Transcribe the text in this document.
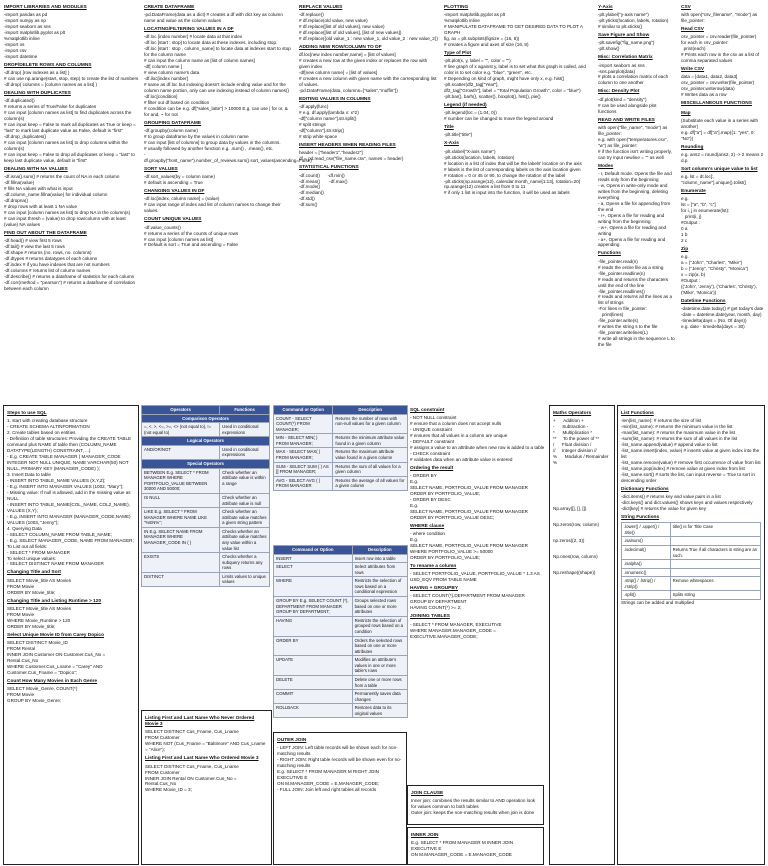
IMPORT LIBRARIES AND MODULES
-import pandas as pd
-import numpy as np
-import seaborn as sns
-import matplotlib.pyplot as plt
%matplotlib inline
-import os
-import csv
-import datetime
DROP/DELETE ROWS AND COLUMNS
-df.drop( [row indexes as a list] )
# can use np.arange(start, stop, step) to create the list of numbers
-df.drop( columns = [column names as a list] )
DEALING WITH DUPLICATES
-df.duplicated()
# returns a series of True/False for duplicates
# can input [column names as list] to find duplicates across the column(s)
# can input keep = False to mark all duplicates as True or keep = "last" to mark last duplicate value as False, default is "first"
-df.drop_duplicates()
# can input [column names as list] to drop columns within the column(s)
# can input keep = False to drop all duplicates or keep = "last" to keep last duplicate value, default is "first"
DEALING WITH NA VALUES
-df.isna().sum() # returns the count of NA in each column
-df.fillna(value)
# fills NA values with what is input
-df.column_name.fillna(value) for individual column
-df.dropna()
# drop rows with at least 1 NA value
# can input [column names as list] to drop NA in the column(s)
# can input thresh = (value) to drop row/column with at least (value) NA values
FIND OUT ABOUT THE DATAFRAME
-df.head() # view first 5 rows
-df.tail() # view the last 5 rows
-df.shape # returns (no. rows, no. columns)
-df.dtypes # returns datatypes of each column
-df.index # if you have indexes that are not numbers
-df.columns # returns list of column names
-df.describe() # returns a dataframe of statistics for each column
-df.corr(method = "pearson") # returns a dataframe of correlation between each column
CREATE DATAFRAME
-pd.DataFrame(data as a dict) # creates a df with dict key as column name and value as the column values
LOCATING/FILTERING VALUES IN A DF
-df.loc [index number] # locate data at that index
-df.loc [start : stop] to locate data at these indexes, including stop.
-df.loc [start : stop , column_name] to locate data at indexes start to stop for the column name
# can input the column name as [list of column names]
-df[ column name ]
# view column name's data
-df.iloc[index number]
# same as df.loc but indexing doesn't include ending value and for the column name portion, only can use indexing instead of column names()
-df.loc[condition]
# filter out df based on condition
# condition can be e.g. df["sales_latte"] > 10000 E.g. can use | for or, & for and, ~ for not
GROUPING DATAFRAME
-df.groupby(column name)
# to group dataframe by the values in column name
# can input [list of columns] to group data by values in the columns.
# usually followed by another function e.g. .sum() , .mean(), etc.
-df.groupby("host_name").number_of_reviews.sum().sort_values(ascending=False)
SORT VALUES
-df.sort_values(by = column name)
# default is ascending = True
CHANGING VALUES IN DF
-df.loc[index, column name] = (value)
# can input range of index and list of column names to change their values.
COUNT UNIQUE VALUES
-df.value_counts()
# returns a series of the counts of unique rows
# can input [column names as list]
# Default is sort = True and ascending = False
REPLACE VALUES
-df.replace()
# df.replace(old value, new value)
# df.replace([list of old values], new value)
# df.replace([list of old values], [list of new values])
# df.replace({old value_1 : new value_1, old value_2 : new value_2})
ADDING NEW ROW/COLUMN TO DF
df.loc[new index number,name] = [list of values]
# creates a new row at the given index or replaces the row with given index
-df[new column name] = [list of values]
# creates a new column with given name with the corresponding list of values.
-pd.DataFrame(data, columns=["sales","muffin"])
EDITING VALUES IN COLUMNS
-df.apply(func)
# e.g. df.apply(lambda x: x*2)
-df["column name"].str.split()
# split strings
-df["column"].str.strip()
# strip white space
INSERT HEADERS WHEN READING FILES
header = ["header1","header2"]
df = pd.read_csv("file_name.csv", names = header)
STATISTICAL FUNCTIONS
-df.count()      -df.min()
-df.mean()       -df.max()
-df.mode()
-df.median()
-df.std()
-df.sum()
PLOTTING
-import matplotlib.pyplot as plt
%matplotlib inline
# MANIPULATE DATAFRAME TO GET DESIRED DATA TO PLOT A GRAPH
fig, ax = plt.subplots(figsize = (16, 8))
# creates a figure and axes of size (16, 8)
Type of Plot
-plt.plot(x, y, label = "", color = "")
# line graph of x against y, label is to set what this graph is called, and color is to set color e.g. "blue", "green", etc.
# Depending on kind of graph, might have only x, e.g. hist()
-plt.scatter(df2_tag["Year"],
df2_tag["Growth"], label = "Total Population Growth", color = "blue")
-plt.bar(), barh(), scatter(), boxplot(), hist(), pie()
Legend (if needed)
-plt.legend(loc = (1.04, 0))
# number can be changed to move the legend around
Title
-plt.title("title")
X-Axis
-plt.xlabel("X-axis name")
-plt.xticks(location, labels, rotation)
# location is a list of index that will be the labels' location on the axis
# labels is the list of corresponding labels on the axis location given
# rotation = 0 or 45 or 90, to change the rotation of the label
-plt.xticks(np.arange(12), calendar.month_name[1:13], rotation=20)
np.arange(12) creates a list from 0 to 11
# if only 1 list is input into the function, it will be used as labels
Y-Axis
-plt.ylabel("y-axis name")
-plt.yticks(location, labels, rotation)
# similar to plt.xticks()
Save Figure and Show
-plt.savefig("fig_name.png")
-plt.show()
Misc: Correlation Matrix
-import seaborn as sns
-sns.pairplot(data)
# plots a correlation matrix of each column to one another
Misc: Density Plot
-df.plot(kind = "density")
# can be used alongside plot functions
READ AND WRITE FILES
with open("file_name", "mode") as file_pointer:
e.g. with open("temperatures.csv", "w") as file_pointer:
# if the function isn't writing properly, can try input newline = "" as well
Modes
- r, Default mode. Opens the file and reads only from the beginning
- w, Opens in write-only mode and writes from the beginning, deleting everything
- a, Opens a file for appending from the end
- r+, Opens a file for reading and writing from the beginning
- w+, Opens a file for reading and writing
- a+, Opens a file for reading and appending
Functions
-file_pointer.read(n)
# reads the entire file as a string
-file_pointer.readline(n)
# reads and returns the characters until the end of the line
-file_pointer.readlines()
# reads and returns all the lines as a list of strings
-For lines in file_pointer:
print(lines)
-file_pointer.write(s)
# writes the string s to the file
-file_pointer.writelines(L)
# write all strings in the sequence L to the file
CSV
with open("csv_filename", "mode") as file_pointer:
Read CSV
csv_pointer = csv.reader(file_pointer)
for each in csv_pointer:
print(each)
# Prints each row in the csv as a list of comma separated values
Write CSV
data = [data1, data2, data3]
csv_pointer = csv.writer(file_pointer)
csv_pointer.writerow(data)
# Writes data as a row
MISCELLANEOUS FUNCTIONS
Map
(Substitute each value in a series with another)
e.g. df["a"] = df["a"].map({1: "yes", 0: "No"})
Rounding
e.g. ans2 = round(ans2, 2) -> 2 means 2 d.p
Sort column's unique value to list
e.g. lst = dt.loc[:, "column_name"].unique().tolist()
Enumerate
e.g.
lst = ["a", "b", "c"]
for i, j in enumerate(lst):
print(i, j)
#Output :
0 a
1 b
2 c
Zip
e.g.
a = ("John", "Charles", "Mike")
b = ("Jenny", "Christy", "Monica")
x = zip(a, b)
#Output :
(('John', 'Jenny'), ('Charles', 'Christy'), ('Mike', 'Monica'))
Datetime Functions
-datetime.date.today() # get today's date
-date = datetime.date(year, month, day)
-timedelta(days = (No. Of days))
e.g. date - timedelta(days = 30)
Steps to use SQL
1. start with creating database structure
- CREATE SCHEMA ALTINFORMATION
2. Create tables based on entities
- Definition of table structures: Providing the CREATE TABLE command plus NAME of table then (COLUMN_NAME DATATYPE(LENGTH) CONSTRAINT, ...)
- E.g. CREATE TABLE MANAGER ( MANAGER_CODE INTEGER NOT NULL UNIQUE, NAME VARCHAR(50) NOT NULL, PRIMARY KEY (MANAGER_CODE) );
3. Insert Data to table
- INSERT INTO TABLE_NAME VALUES (X,Y,Z);
- E.g. INSERT INTO MANAGER VALUES (1002, "Mary");
- Missing value: If null is allowed, add in the missing value as NULL
- INSERT INTO TABLE_NAME(COL_NAME, COL2_NAME), VALUES (X,Y);
- E.g. INSERT INTO MANAGER (MANAGER_CODE,NAME) VALUES (1003, "Jenny");
4. Querying Data
- SELECT COLUMN_NAME FROM TABLE_NAME;
- E.g. SELECT MANAGER_CODE, NAME FROM MANAGER;
To List out all fields:
- SELECT * FROM MANAGER
To select unique values:
- SELECT DISTINCT NAME FROM MANAGER
Changing Title and Sort
SELECT Movie_title AS Movies
FROM Movie
ORDER BY Movie_title;
Changing Title and Listing Runtime > 120
SELECT Movie_title AS Movies
FROM Movie
WHERE Movie_Runtime > 120
ORDER BY Movie_title;
Select Unique Movie ID from Carey Dopico
SELECT DISTINCT Movie_ID
FROM Rental
INNER JOIN Customer ON Customer.Cus_No = Rental.Cus_No
WHERE Customer.Cus_Lname = "Carey" AND Customer.Cus_Fname = "Dopico";
Count How Many Movies in Each Genre
SELECT Movie_Genre, COUNT(*)
FROM Movie
GROUP BY Movie_Genre;
Operators	Functions
Comparison Operators	
=, <, >, <=, >=, <> (not equal to), != (not equal to)	Used in conditional expressions
Logical Operators	
AND/OR/NOT	Used in conditional expressions
Special Operators	
BETWEEN E.g. SELECT * FROM MANAGER WHERE PORTFOLIO_VALUE BETWEEN 30000 AND 50000;	Check whether an attribute value is within a range
IS NULL	Check whether an attribute value is null
LIKE E.g. SELECT * FROM MANAGER WHERE NAME LIKE "%EN%";	Check whether an attribute value matches a given string pattern
IN E.g. SELECT NAME FROM MANAGER WHERE MANAGER_CODE IN ( )	Checks whether an attribute value matches any value within a value list
EXISTS	Checks whether a subquery returns any rows
DISTINCT	Limits values to unique values
Listing First and Last Name Who Never Ordered Movie 3
SELECT DISTINCT Cus_Fname, Cus_Lname
FROM Customer
WHERE NOT (Cus_Fname = "Baltimore" AND Cus_Lname = "Alice");
Listing First and Last Name Who Ordered Movie 3
SELECT DISTINCT Cus_Fname, Cus_Lname
FROM Customer
INNER JOIN Rental ON Customer.Cus_No = Rental.Cus_No
WHERE Movie_ID = 3;
Command or Option	Description
COUNT - SELECT COUNT(*) FROM MANAGER;	Returns the number of rows with non-null values for a given column
MIN - SELECT MIN( ) FROM MANAGER;	Returns the minimum attribute value found in a given column
MAX - SELECT MAX( ) FROM MANAGER;	Returns the maximum attribute value found in a given column
SUM - SELECT SUM ( ) AS [] FROM MANAGER;	Returns the sum of all values for a given column
AVG - SELECT AVG ( ) FROM MANAGER	Returns the average of all values for a given column
Command or Option	Description
INSERT	Insert row into a table
SELECT	Select attributes from rows
WHERE	Restricts the selection of rows based on a conditional expression
GROUP BY E.g. SELECT COUNT (*), DEPARTMENT FROM MANAGER GROUP BY DEPARTMENT;	Groups selected rows based on one or more attributes
HAVING	Restricts the selection of grouped rows based on a condition
ORDER BY	Orders the selected rows based on one or more attributes
UPDATE	Modifies an attribute's values in one or more table's rows
DELETE	Delete one or more rows from a table
COMMIT	Permanently saves data changes
ROLLBACK	Restores data to its original values
OUTER JOIN
- LEFT JOIN: Left table records will be shown each for non-matching results
- RIGHT JOIN: Right table records will be shown even for no-matching results
E.g. SELECT * FROM MANAGER M RIGHT JOIN EXECUTIVE E
ON M.MANAGER_CODE = E.MANAGER_CODE;
- FULL JOIN: Join left and right tables all records
SQL constraint
- NOT NULL constraint
# ensure that a column does not accept nulls
- UNIQUE constraint
# ensures that all values in a column are unique
- DEFAULT constraint
# assigns a value to an attribute when new row is added to a table
- CHECK constraint
# validates data when an attribute value is entered
Ordering the result
- ORDER BY
E.g.
SELECT NAME, PORTFOLIO_VALUE FROM MANAGER
ORDER BY PORTFOLIO_VALUE;
- ORDER BY DESC
E.g.
SELECT NAME, PORTFOLIO_VALUE FROM MANAGER
ORDER BY PORTFOLIO_VALUE DESC;
WHERE clause
- where condition
E.g.
SELECT NAME, PORTFOLIO_VALUE FROM MANAGER
WHERE PORTFOLIO_VALUE >= 50000
ORDER BY PORTFOLIO_VALUE;
To rename a column
- SELECT PORTFOLIO_VALUE, PORTFOLIO_VALUE * 1.3 AS USD_EQV FROM TABLE NAME
HAVING + GROUPBY
- SELECT COUNT(*),DEPARTMENT FROM MANAGER
GROUP BY DEPARTMENT
HAVING COUNT(*) >= 2;
JOINING TABLES
- SELECT * FROM MANAGER, EXECUTIVE
WHERE MANAGER.MANAGER_CODE = EXECUTIVE.MANAGER_CODE;
JOIN CLAUSE
Inner join: combines the results similar to AND operation look for values common to both tables
Outer join: keeps the non-matching results when join is done
INNER JOIN
E.g. SELECT * FROM MANAGER M INNER JOIN EXECUTIVE E
ON M.MANAGER_CODE = E.MANAGER_CODE
Maths Operators
+      Addition +
-      Subtraction -
*      Multiplication *
**     To the power of **
/      Float division /
//     Integer division //
%      Modulus / Remainder %
Np.array([], [], [])
Np.zeros(row, column)
np.zeros((2, 3))
Np.ones(row, column)
Np.reshape((shape))
List Functions
-len(list_name): # returns the size of list
-min(list_name): # returns the minimum value in the list
-max(list_name): # returns the maximum value in the list
-sum(list_name): # returns the sum of all values in the list
-list_name.append(value) # append value to list
-list_name.insert(index, value) # inserts value at given index into the list
-list_name.remove(value) # remove first occurrence of value from list
-list_name.pop(index) # remove value at given index from list
-list_name.sort() # sorts the list, can input reverse = True to sort in descending order
Dictionary Functions
-dict.items() # returns key and value pairs in a list
-dict.keys() and dict.values() shows keys and values respectively
-dict[key] # returns the value for given key
String Functions
.lower() / .upper() / .title()	title() is for Title Case
.isalnum()	
.isdecimal()	Returns True if all characters in string are as such.
.isalpha()	
.isnumeric()	
.strip() / .lstrip() / .rstrip()	Remove whitespaces
.split()	Splits string
Strings can be added and multiplied
